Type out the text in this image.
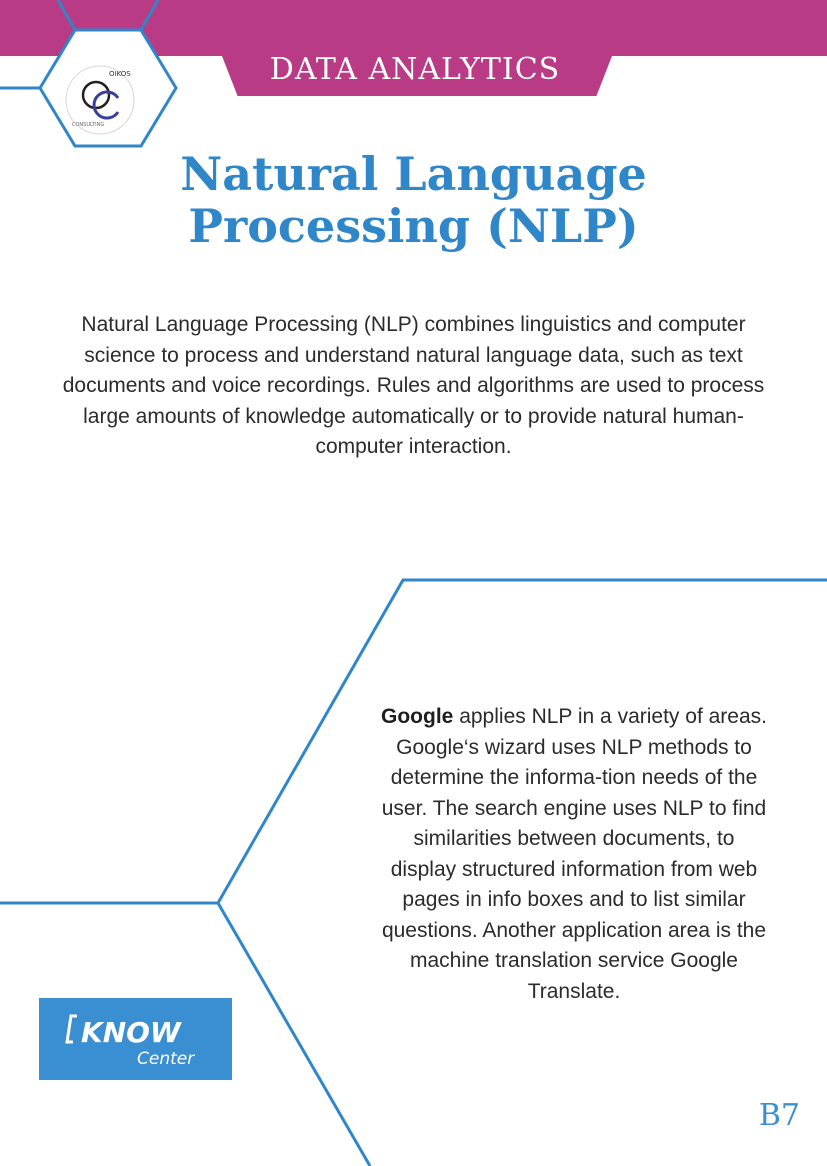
DATA ANALYTICS
OIKOS
CONSULTING
Natural Language
Processing (NLP)
Natural Language Processing (NLP) combines linguistics and computer science to process and understand natural language data, such as text documents and voice recordings. Rules and algorithms are used to process large amounts of knowledge automatically or to provide natural human-computer interaction.
Google applies NLP in a variety of areas. Google‘s wizard uses NLP methods to determine the informa-tion needs of the user. The search engine uses NLP to find similarities between documents, to display structured information from web pages in info boxes and to list similar questions. Another application area is the machine translation service Google Translate.
KNOW
Center
B7
